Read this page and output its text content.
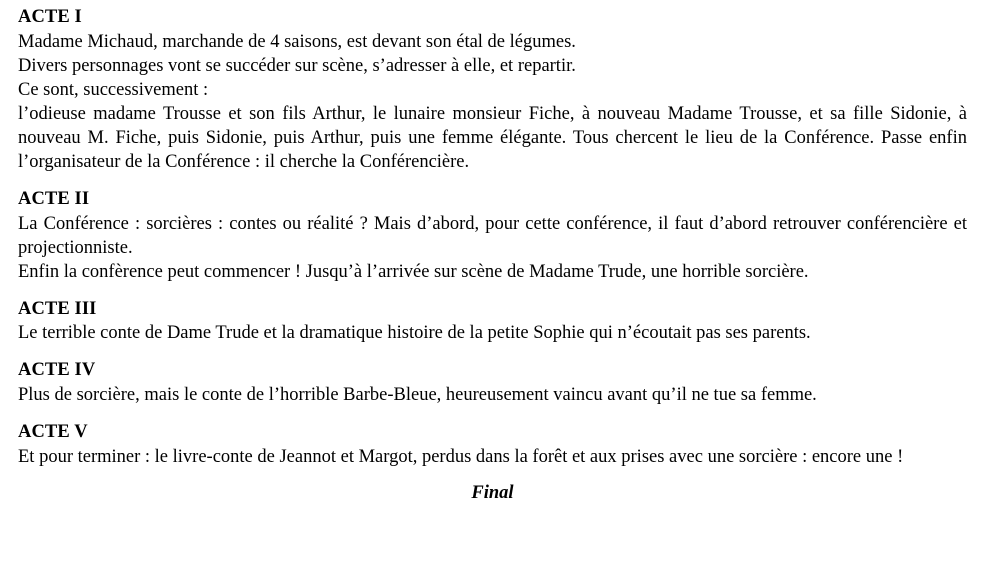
ACTE I

Madame Michaud, marchande de 4 saisons, est devant son étal de légumes.

Divers personnages vont se succéder sur scène, s’adresser à elle, et repartir.

Ce sont, successivement :

l’odieuse madame Trousse et son fils Arthur, le lunaire monsieur Fiche, à nouveau Madame Trousse, et sa fille Sidonie, à nouveau M. Fiche, puis Sidonie, puis Arthur, puis une femme élégante. Tous chercent le lieu de la Conférence. Passe enfin l’organisateur de la Conférence : il cherche la Conférencière.

ACTE II

La Conférence : sorcières : contes ou réalité ? Mais d’abord, pour cette conférence, il faut d’abord retrouver conférencière et projectionniste.

Enfin la confèrence peut commencer ! Jusqu’à l’arrivée sur scène de Madame Trude, une horrible sorcière.

ACTE III

Le terrible conte de Dame Trude et la dramatique histoire de la petite Sophie qui n’écoutait pas ses parents.

ACTE IV

Plus de sorcière, mais le conte de l’horrible Barbe-Bleue, heureusement vaincu avant qu’il ne tue sa femme.

ACTE V

Et pour terminer : le livre-conte de Jeannot et Margot, perdus dans la forêt et aux prises avec une sorcière : encore une !

Final
